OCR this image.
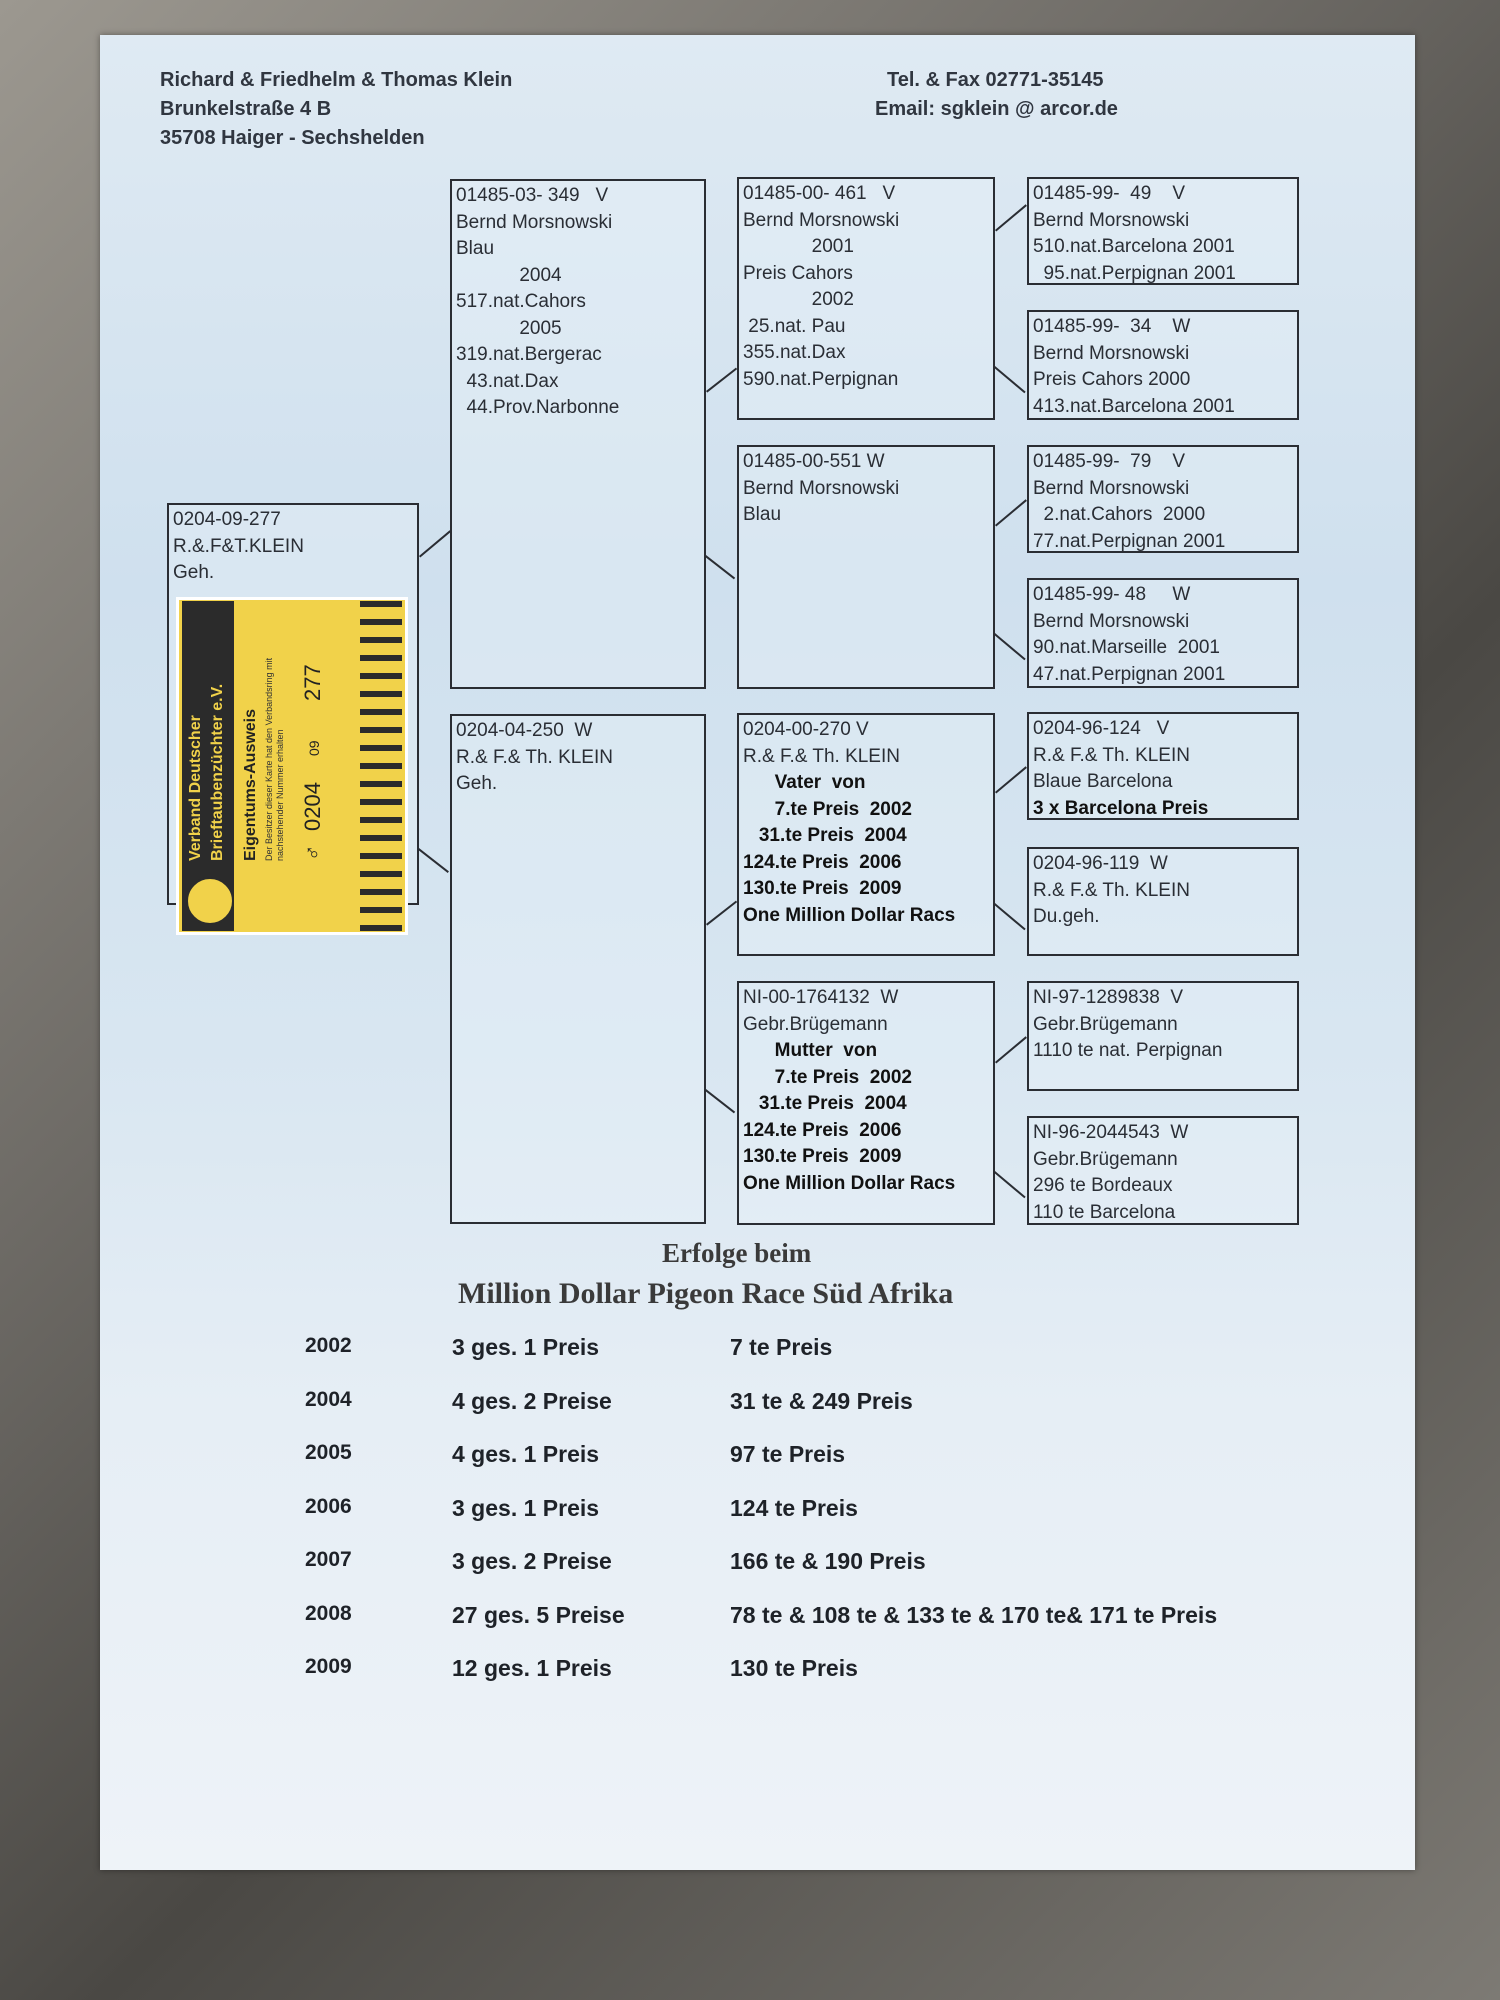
Richard & Friedhelm & Thomas Klein
Brunkelstraße 4 B
35708 Haiger - Sechshelden
Tel. & Fax 02771-35145
Email: sgklein @ arcor.de
0204-09-277
R.&.F&T.KLEIN
Geh.
01485-03- 349   V
Bernd Morsnowski
Blau
2004
517.nat.Cahors
2005
319.nat.Bergerac
43.nat.Dax
44.Prov.Narbonne
0204-04-250  W
R.& F.& Th. KLEIN
Geh.
01485-00- 461   V
Bernd Morsnowski
2001
Preis Cahors
2002
25.nat. Pau
355.nat.Dax
590.nat.Perpignan
01485-00-551 W
Bernd Morsnowski
Blau
0204-00-270 V
R.& F.& Th. KLEIN
Vater  von
7.te Preis  2002
31.te Preis  2004
124.te Preis  2006
130.te Preis  2009
One Million Dollar Racs
NI-00-1764132  W
Gebr.Brügemann
Mutter  von
7.te Preis  2002
31.te Preis  2004
124.te Preis  2006
130.te Preis  2009
One Million Dollar Racs
01485-99-  49    V
Bernd Morsnowski
510.nat.Barcelona 2001
95.nat.Perpignan 2001
01485-99-  34    W
Bernd Morsnowski
Preis Cahors 2000
413.nat.Barcelona 2001
01485-99-  79    V
Bernd Morsnowski
2.nat.Cahors  2000
77.nat.Perpignan 2001
01485-99- 48     W
Bernd Morsnowski
90.nat.Marseille  2001
47.nat.Perpignan 2001
0204-96-124   V
R.& F.& Th. KLEIN
Blaue Barcelona
3 x Barcelona Preis
0204-96-119  W
R.& F.& Th. KLEIN
Du.geh.
NI-97-1289838  V
Gebr.Brügemann
1110 te nat. Perpignan
NI-96-2044543  W
Gebr.Brügemann
296 te Bordeaux
110 te Barcelona
Verband Deutscher
Brieftaubenzüchter e.V.
Eigentums-Ausweis Der Besitzer dieser Karte hat den Verbandsring mit nachstehender Nummer erhalten ♂
0204
09
277
Erfolge beim
Million Dollar Pigeon Race Süd Afrika
2002	3 ges. 1 Preis	7 te Preis
2004	4 ges. 2 Preise	31 te & 249 Preis
2005	4 ges. 1 Preis	97 te Preis
2006	3 ges. 1 Preis	124 te Preis
2007	3 ges. 2 Preise	166 te & 190 Preis
2008	27 ges. 5 Preise	78 te & 108 te & 133 te & 170 te& 171 te Preis
2009	12 ges. 1 Preis	130 te Preis
